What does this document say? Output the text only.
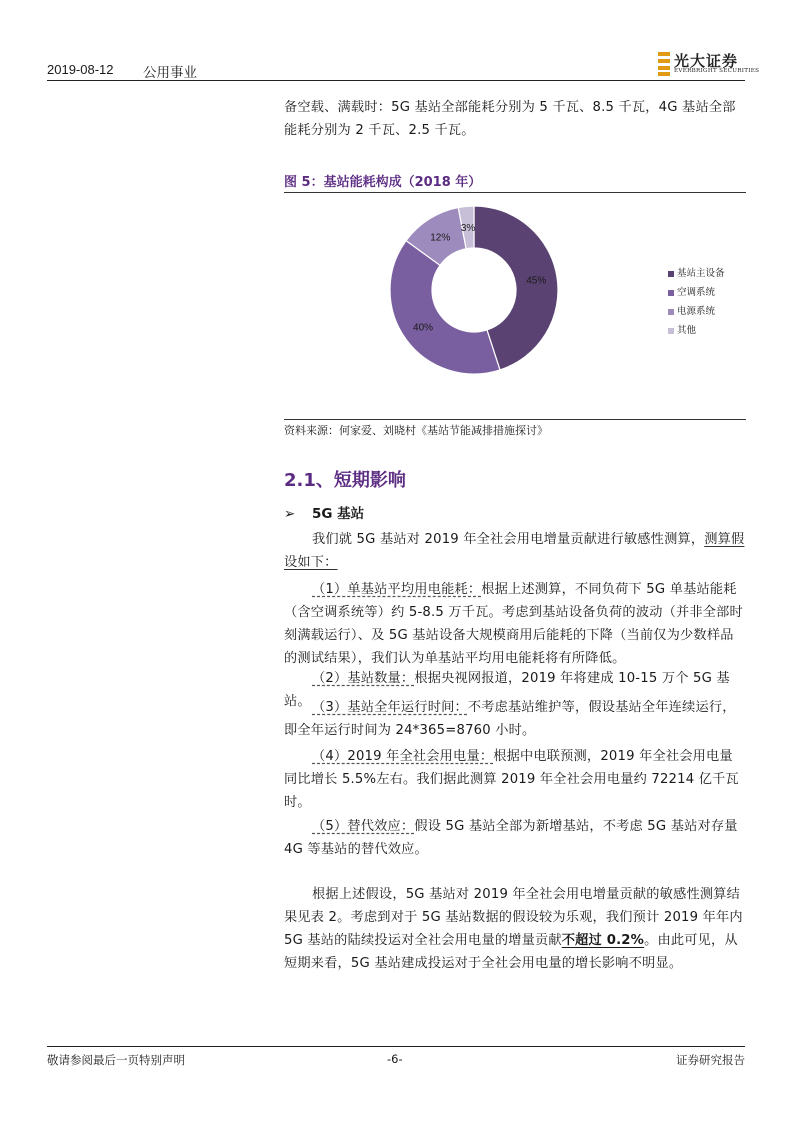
2019-08-12 公用事业
光大证券
EVERBRIGHT SECURITIES
备空载、满载时：5G 基站全部能耗分别为 5 千瓦、8.5 千瓦，4G 基站全部能耗分别为 2 千瓦、2.5 千瓦。
图 5：基站能耗构成（2018 年）
45%
40%
12%
3%
基站主设备
空调系统
电源系统
其他
资料来源：何家爱、刘晓村《基站节能减排措施探讨》
2.1、短期影响
➢ 5G 基站
我们就 5G 基站对 2019 年全社会用电增量贡献进行敏感性测算，测算假设如下：
（1）单基站平均用电能耗：根据上述测算，不同负荷下 5G 单基站能耗（含空调系统等）约 5-8.5 万千瓦。考虑到基站设备负荷的波动（并非全部时刻满载运行）、及 5G 基站设备大规模商用后能耗的下降（当前仅为少数样品的测试结果），我们认为单基站平均用电能耗将有所降低。
（2）基站数量：根据央视网报道，2019 年将建成 10-15 万个 5G 基站。 （3）基站全年运行时间：不考虑基站维护等，假设基站全年连续运行，即全年运行时间为 24*365=8760 小时。
（4）2019 年全社会用电量：根据中电联预测，2019 年全社会用电量同比增长 5.5%左右。我们据此测算 2019 年全社会用电量约 72214 亿千瓦时。
（5）替代效应：假设 5G 基站全部为新增基站，不考虑 5G 基站对存量 4G 等基站的替代效应。
根据上述假设，5G 基站对 2019 年全社会用电增量贡献的敏感性测算结果见表 2。考虑到对于 5G 基站数据的假设较为乐观，我们预计 2019 年年内 5G 基站的陆续投运对全社会用电量的增量贡献不超过 0.2%。由此可见，从短期来看，5G 基站建成投运对于全社会用电量的增长影响不明显。
敬请参阅最后一页特别声明	-6-	证券研究报告
